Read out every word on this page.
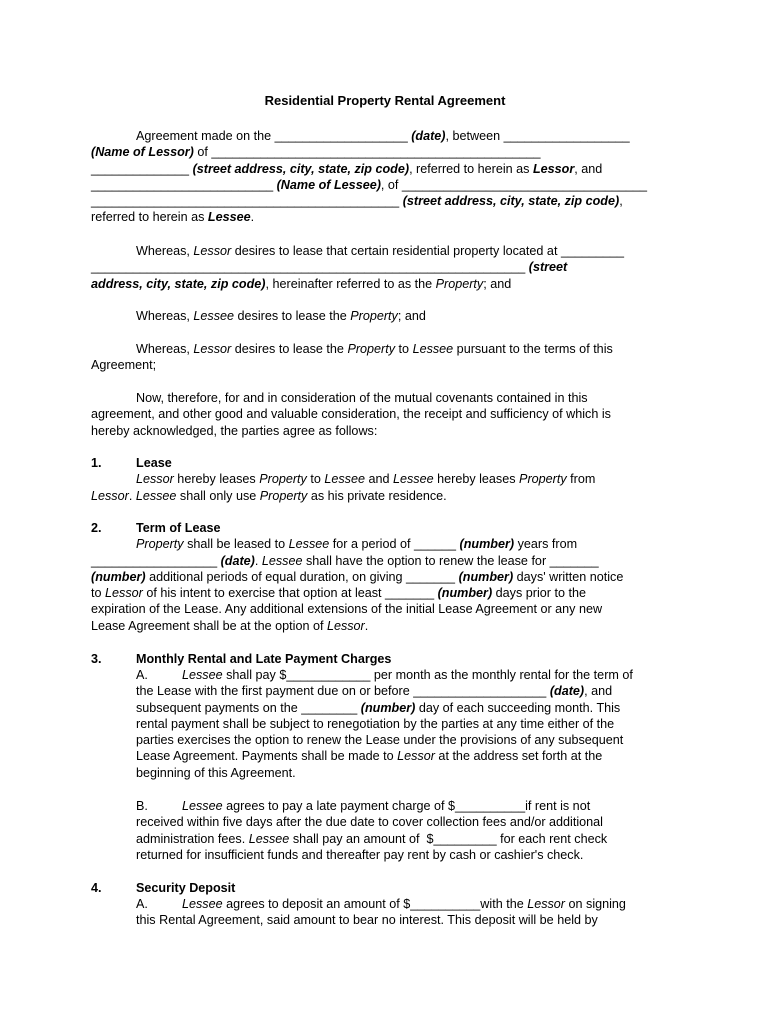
Residential Property Rental Agreement
Agreement made on the ___________________ (date), between __________________
(Name of Lessor) of _______________________________________________
______________ (street address, city, state, zip code), referred to herein as Lessor, and
__________________________ (Name of Lessee), of ___________________________________
____________________________________________ (street address, city, state, zip code),
referred to herein as Lessee.
Whereas, Lessor desires to lease that certain residential property located at _________
______________________________________________________________ (street
address, city, state, zip code), hereinafter referred to as the Property; and
Whereas, Lessee desires to lease the Property; and
Whereas, Lessor desires to lease the Property to Lessee pursuant to the terms of this
Agreement;
Now, therefore, for and in consideration of the mutual covenants contained in this
agreement, and other good and valuable consideration, the receipt and sufficiency of which is
hereby acknowledged, the parties agree as follows:
1.	Lease
Lessor hereby leases Property to Lessee and Lessee hereby leases Property from
Lessor. Lessee shall only use Property as his private residence.
2.	Term of Lease
Property shall be leased to Lessee for a period of ______ (number) years from
__________________ (date). Lessee shall have the option to renew the lease for _______
(number) additional periods of equal duration, on giving _______ (number) days' written notice
to Lessor of his intent to exercise that option at least _______ (number) days prior to the
expiration of the Lease. Any additional extensions of the initial Lease Agreement or any new
Lease Agreement shall be at the option of Lessor.
3.	Monthly Rental and Late Payment Charges
A.	Lessee shall pay $____________ per month as the monthly rental for the term of
the Lease with the first payment due on or before ___________________ (date), and
subsequent payments on the ________ (number) day of each succeeding month. This
rental payment shall be subject to renegotiation by the parties at any time either of the
parties exercises the option to renew the Lease under the provisions of any subsequent
Lease Agreement. Payments shall be made to Lessor at the address set forth at the
beginning of this Agreement.
B.	Lessee agrees to pay a late payment charge of $__________if rent is not
received within five days after the due date to cover collection fees and/or additional
administration fees. Lessee shall pay an amount of  $_________ for each rent check
returned for insufficient funds and thereafter pay rent by cash or cashier's check.
4.	Security Deposit
A.	Lessee agrees to deposit an amount of $__________with the Lessor on signing
this Rental Agreement, said amount to bear no interest. This deposit will be held by
